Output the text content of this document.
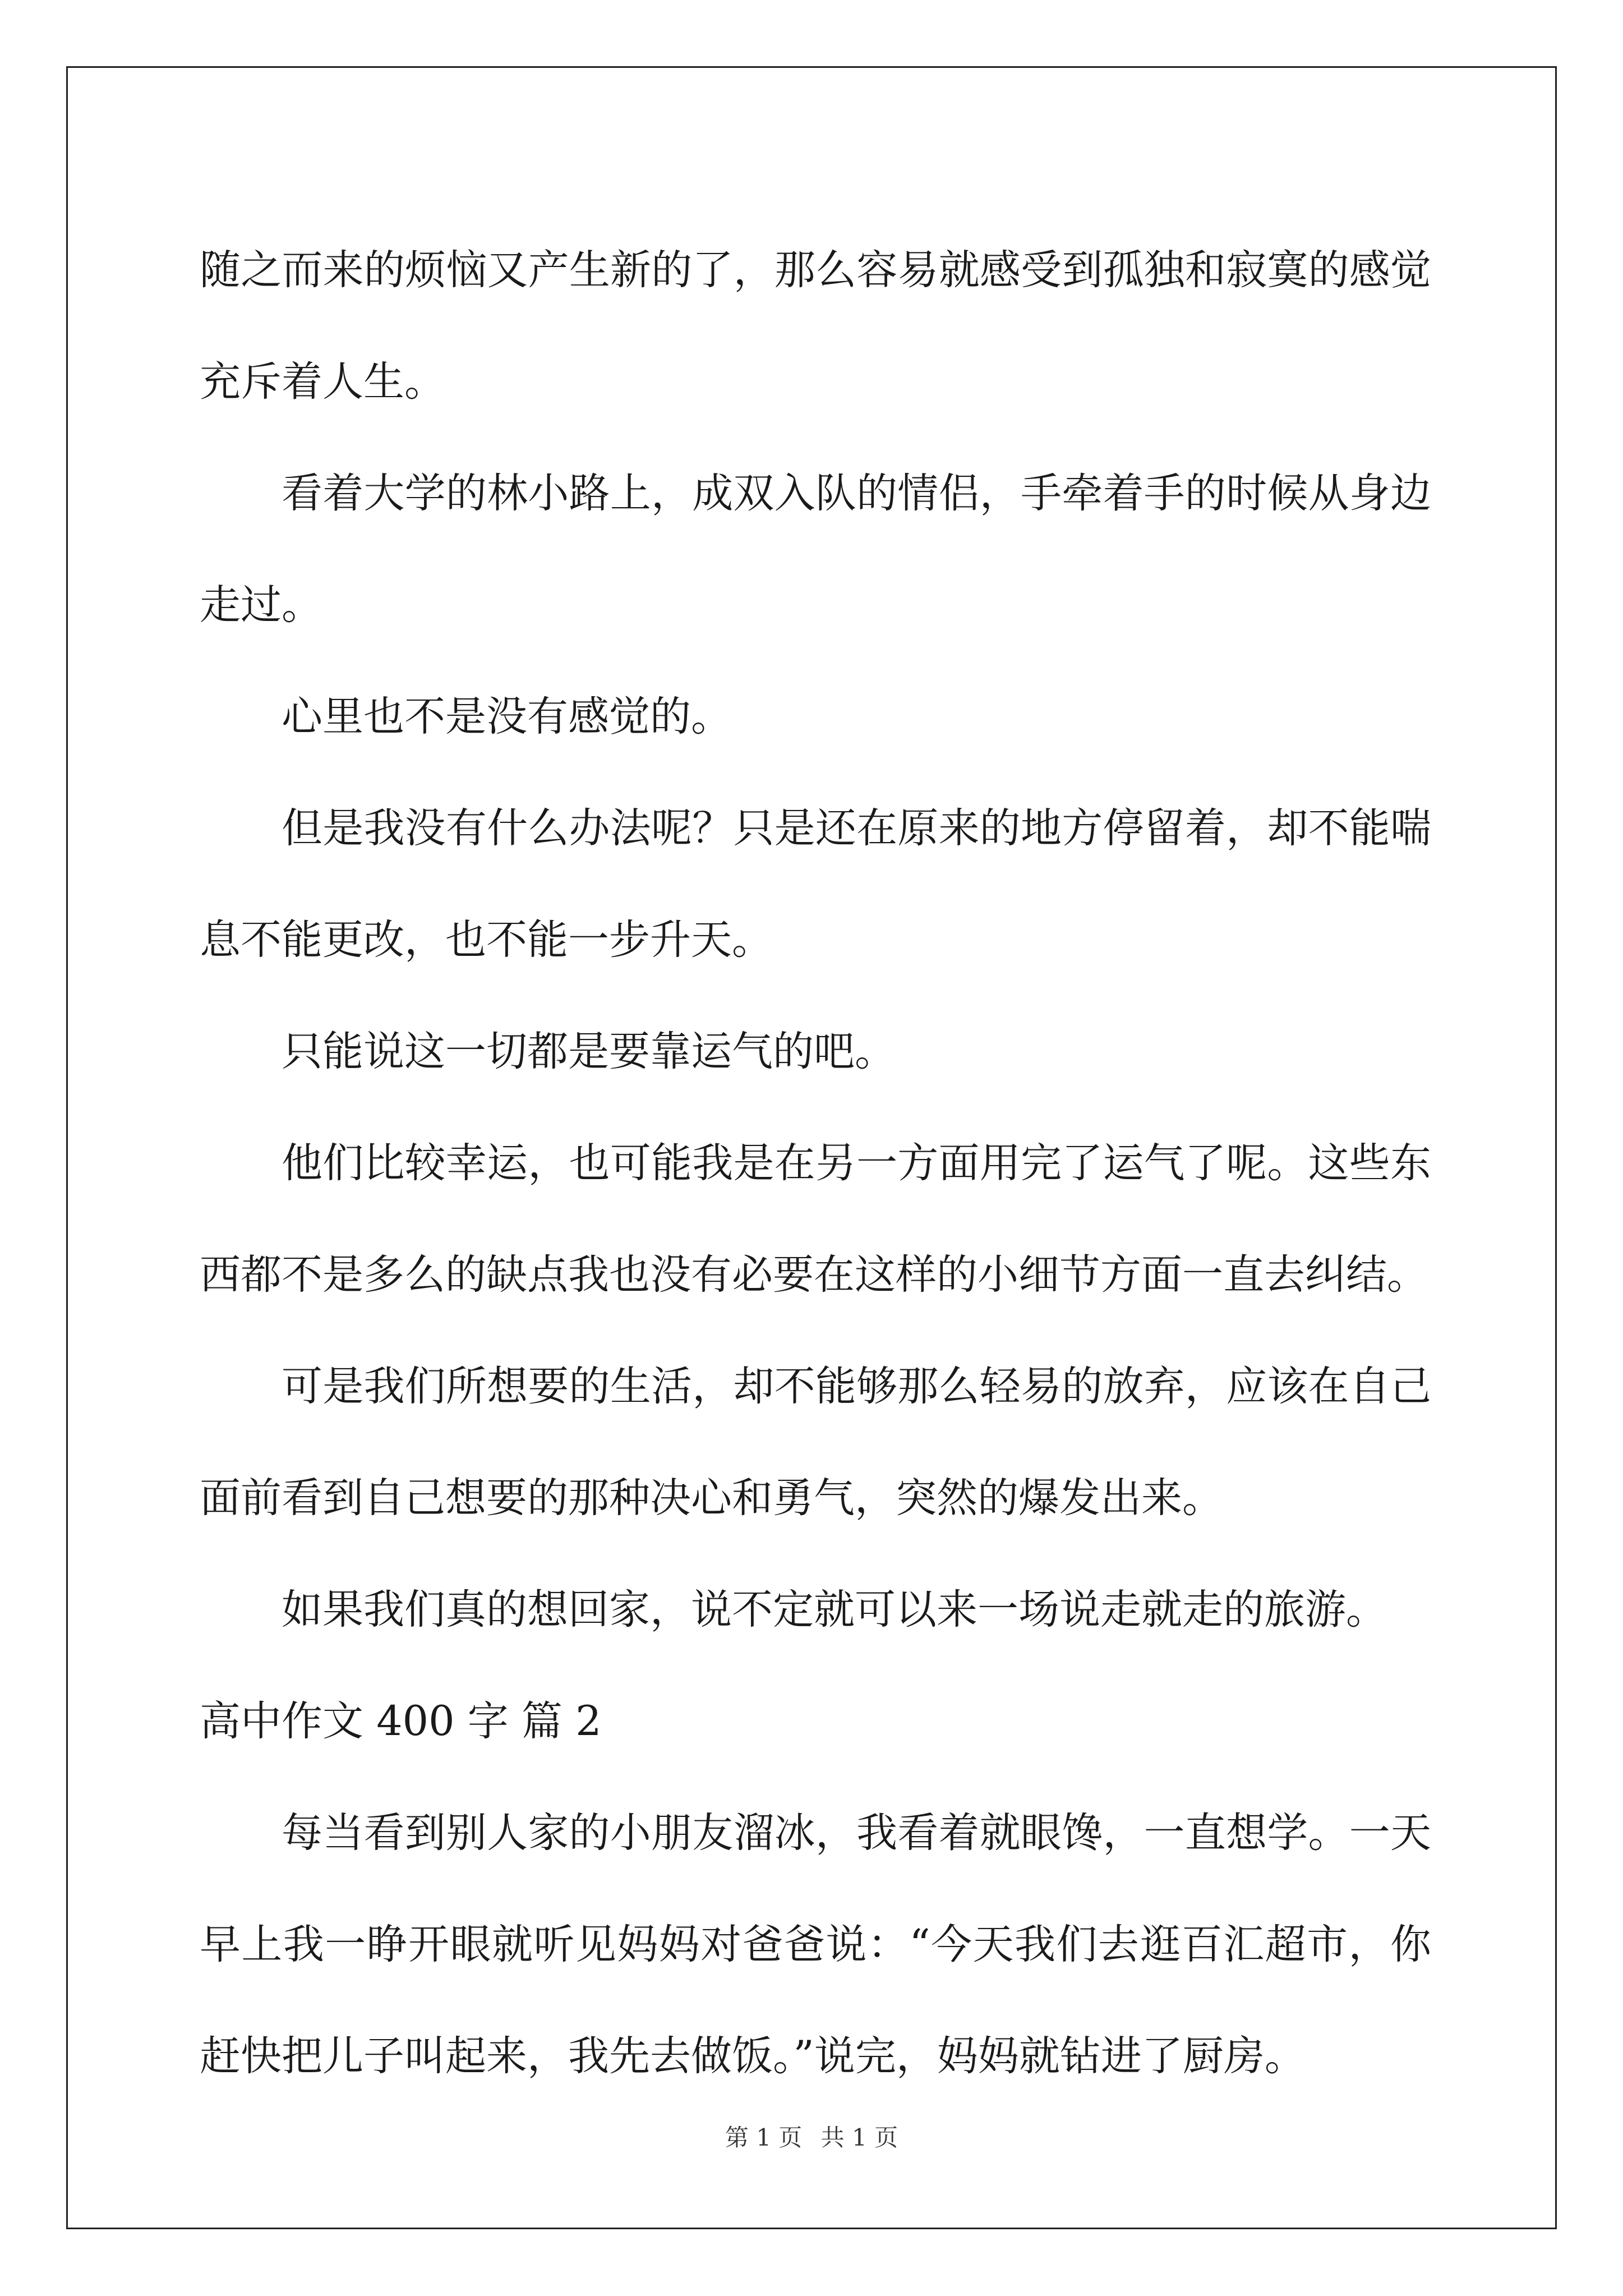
随之而来的烦恼又产生新的了，那么容易就感受到孤独和寂寞的感觉充斥着人生。

看着大学的林小路上，成双入队的情侣，手牵着手的时候从身边走过。

心里也不是没有感觉的。

但是我没有什么办法呢？只是还在原来的地方停留着，却不能喘息不能更改，也不能一步升天。

只能说这一切都是要靠运气的吧。

他们比较幸运，也可能我是在另一方面用完了运气了呢。这些东西都不是多么的缺点我也没有必要在这样的小细节方面一直去纠结。

可是我们所想要的生活，却不能够那么轻易的放弃，应该在自己面前看到自己想要的那种决心和勇气，突然的爆发出来。

如果我们真的想回家，说不定就可以来一场说走就走的旅游。

高中作文 400 字 篇 2

每当看到别人家的小朋友溜冰，我看着就眼馋，一直想学。一天早上我一睁开眼就听见妈妈对爸爸说：“今天我们去逛百汇超市，你赶快把儿子叫起来，我先去做饭。”说完，妈妈就钻进了厨房。

第 1 页 共 1 页
